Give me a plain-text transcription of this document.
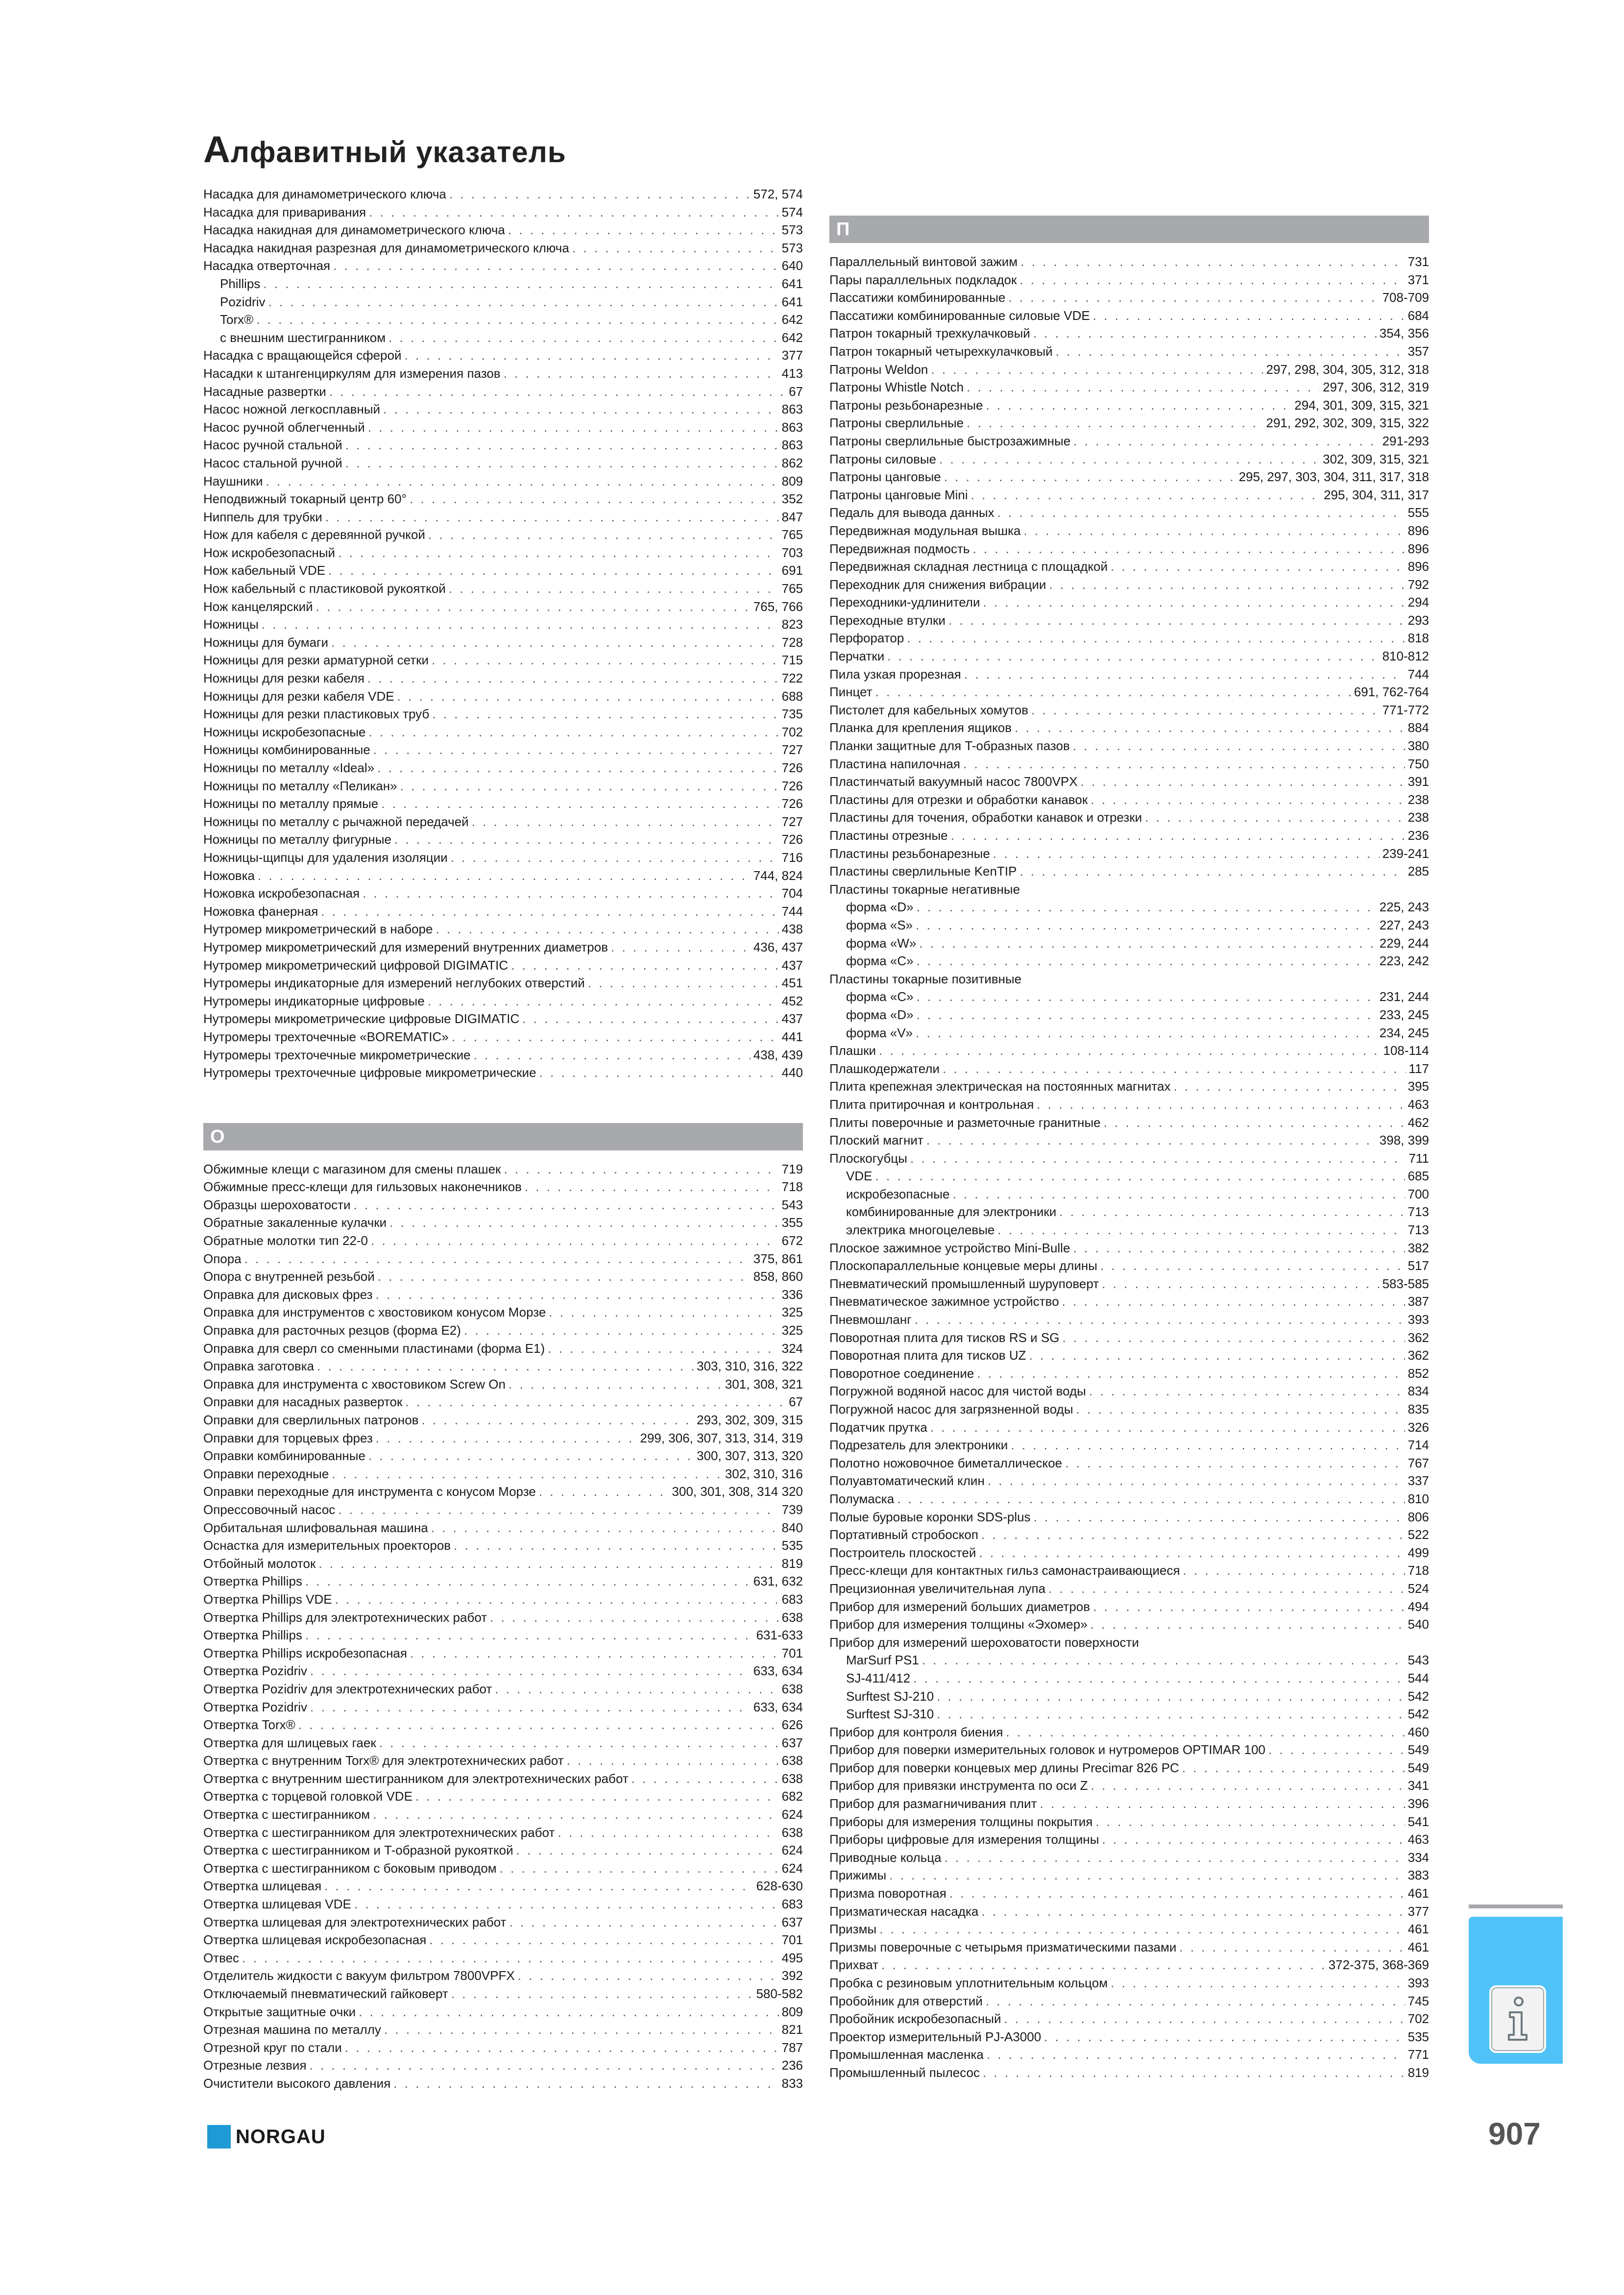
Алфавитный указатель
Насадка для динамометрического ключа . . .	572, 574
Насадка для приваривания . . .	574
Насадка накидная для динамометрического ключа . . .	573
Насадка накидная разрезная для динамометрического ключа . . .	573
Насадка отверточная . . .	640
Phillips . . .	641
Pozidriv . . .	641
Torx® . . .	642
с внешним шестигранником . . .	642
Насадка с вращающейся сферой . . .	377
Насадки к штангенциркулям для измерения пазов . . .	413
Насадные развертки . . .	67
Насос ножной легкосплавный . . .	863
Насос ручной облегченный . . .	863
Насос ручной стальной . . .	863
Насос стальной ручной . . .	862
Наушники . . .	809
Неподвижный токарный центр 60° . . .	352
Ниппель для трубки . . .	847
Нож для кабеля с деревянной ручкой . . .	765
Нож искробезопасный . . .	703
Нож кабельный VDE . . .	691
Нож кабельный с пластиковой рукояткой . . .	765
Нож канцелярский . . .	765, 766
Ножницы . . .	823
Ножницы для бумаги . . .	728
Ножницы для резки арматурной сетки . . .	715
Ножницы для резки кабеля . . .	722
Ножницы для резки кабеля VDE . . .	688
Ножницы для резки пластиковых труб . . .	735
Ножницы искробезопасные . . .	702
Ножницы комбинированные . . .	727
Ножницы по металлу «Ideal» . . .	726
Ножницы по металлу «Пеликан» . . .	726
Ножницы по металлу прямые . . .	726
Ножницы по металлу с рычажной передачей . . .	727
Ножницы по металлу фигурные . . .	726
Ножницы-щипцы для удаления изоляции . . .	716
Ножовка . . .	744, 824
Ножовка искробезопасная . . .	704
Ножовка фанерная . . .	744
Нутромер микрометрический в наборе . . .	438
Нутромер микрометрический для измерений внутренних диаметров . . .	436, 437
Нутромер микрометрический цифровой DIGIMATIC . . .	437
Нутромеры индикаторные для измерений неглубоких отверстий . . .	451
Нутромеры индикаторные цифровые . . .	452
Нутромеры микрометрические цифровые DIGIMATIC . . .	437
Нутромеры трехточечные «BOREMATIC» . . .	441
Нутромеры трехточечные микрометрические . . .	438, 439
Нутромеры трехточечные цифровые микрометрические . . .	440
О
Обжимные клещи с магазином для смены плашек . . .	719
Обжимные пресс-клещи для гильзовых наконечников . . .	718
Образцы шероховатости . . .	543
Обратные закаленные кулачки . . .	355
Обратные молотки тип 22-0 . . .	672
Опора . . .	375, 861
Опора с внутренней резьбой . . .	858, 860
Оправка для дисковых фрез . . .	336
Оправка для инструментов с хвостовиком конусом Морзе . . .	325
Оправка для расточных резцов (форма E2) . . .	325
Оправка для сверл со сменными пластинами (форма E1) . . .	324
Оправка заготовка . . .	303, 310, 316, 322
Оправка для инструмента с хвостовиком Screw On . . .	301, 308, 321
Оправки для насадных разверток . . .	67
Оправки для сверлильных патронов . . .	293, 302, 309, 315
Оправки для торцевых фрез . . .	299, 306, 307, 313, 314, 319
Оправки комбинированные . . .	300, 307, 313, 320
Оправки переходные . . .	302, 310, 316
Оправки переходные для инструмента с конусом Морзе . . .	300, 301, 308, 314 320
Опрессовочный насос . . .	739
Орбитальная шлифовальная машина . . .	840
Оснастка для измерительных проекторов . . .	535
Отбойный молоток . . .	819
Отвертка Phillips . . .	631, 632
Отвертка Phillips VDE . . .	683
Отвертка Phillips для электротехнических работ . . .	638
Отвертка Phillips . . .	631-633
Отвертка Phillips искробезопасная . . .	701
Отвертка Pozidriv . . .	633, 634
Отвертка Pozidriv для электротехнических работ . . .	638
Отвертка Pozidriv . . .	633, 634
Отвертка Torx® . . .	626
Отвертка для шлицевых гаек . . .	637
Отвертка с внутренним Torx® для электротехнических работ . . .	638
Отвертка с внутренним шестигранником для электротехнических работ . . .	638
Отвертка с торцевой головкой VDE . . .	682
Отвертка с шестигранником . . .	624
Отвертка с шестигранником для электротехнических работ . . .	638
Отвертка с шестигранником и T-образной рукояткой . . .	624
Отвертка с шестигранником с боковым приводом . . .	624
Отвертка шлицевая . . .	628-630
Отвертка шлицевая VDE . . .	683
Отвертка шлицевая для электротехнических работ . . .	637
Отвертка шлицевая искробезопасная . . .	701
Отвес . . .	495
Отделитель жидкости с вакуум фильтром 7800VPFX . . .	392
Отключаемый пневматический гайковерт . . .	580-582
Открытые защитные очки . . .	809
Отрезная машина по металлу . . .	821
Отрезной круг по стали . . .	787
Отрезные лезвия . . .	236
Очистители высокого давления . . .	833
П
Параллельный винтовой зажим . . .	731
Пары параллельных подкладок . . .	371
Пассатижи комбинированные . . .	708-709
Пассатижи комбинированные силовые VDE . . .	684
Патрон токарный трехкулачковый . . .	354, 356
Патрон токарный четырехкулачковый . . .	357
Патроны Weldon . . .	297, 298, 304, 305, 312, 318
Патроны Whistle Notch . . .	297, 306, 312, 319
Патроны резьбонарезные . . .	294, 301, 309, 315, 321
Патроны сверлильные . . .	291, 292, 302, 309, 315, 322
Патроны сверлильные быстрозажимные . . .	291-293
Патроны силовые . . .	302, 309, 315, 321
Патроны цанговые . . .	295, 297, 303, 304, 311, 317, 318
Патроны цанговые Mini . . .	295, 304, 311, 317
Педаль для вывода данных . . .	555
Передвижная модульная вышка . . .	896
Передвижная подмость . . .	896
Передвижная складная лестница с площадкой . . .	896
Переходник для снижения вибрации . . .	792
Переходники-удлинители . . .	294
Переходные втулки . . .	293
Перфоратор . . .	818
Перчатки . . .	810-812
Пила узкая прорезная . . .	744
Пинцет . . .	691, 762-764
Пистолет для кабельных хомутов . . .	771-772
Планка для крепления ящиков . . .	884
Планки защитные для T-образных пазов . . .	380
Пластина напилочная . . .	750
Пластинчатый вакуумный насос 7800VPX . . .	391
Пластины для отрезки и обработки канавок . . .	238
Пластины для точения, обработки канавок и отрезки . . .	238
Пластины отрезные . . .	236
Пластины резьбонарезные . . .	239-241
Пластины сверлильные KenTIP . . .	285
Пластины токарные негативные
форма «D» . . .	225, 243
форма «S» . . .	227, 243
форма «W» . . .	229, 244
форма «C» . . .	223, 242
Пластины токарные позитивные
форма «C» . . .	231, 244
форма «D» . . .	233, 245
форма «V» . . .	234, 245
Плашки . . .	108-114
Плашкодержатели . . .	117
Плита крепежная электрическая на постоянных магнитах . . .	395
Плита притирочная и контрольная . . .	463
Плиты поверочные и разметочные гранитные . . .	462
Плоский магнит . . .	398, 399
Плоскогубцы . . .	711
VDE . . .	685
искробезопасные . . .	700
комбинированные для электроники . . .	713
электрика многоцелевые . . .	713
Плоское зажимное устройство Mini-Bulle . . .	382
Плоскопараллельные концевые меры длины . . .	517
Пневматический промышленный шуруповерт . . .	583-585
Пневматическое зажимное устройство . . .	387
Пневмошланг . . .	393
Поворотная плита для тисков RS и SG . . .	362
Поворотная плита для тисков UZ . . .	362
Поворотное соединение . . .	852
Погружной водяной насос для чистой воды . . .	834
Погружной насос для загрязненной воды . . .	835
Податчик прутка . . .	326
Подрезатель для электроники . . .	714
Полотно ножовочное биметаллическое . . .	767
Полуавтоматический клин . . .	337
Полумаска . . .	810
Полые буровые коронки SDS-plus . . .	806
Портативный стробоскоп . . .	522
Построитель плоскостей . . .	499
Пресс-клещи для контактных гильз самонастраивающиеся . . .	718
Прецизионная увеличительная лупа . . .	524
Прибор для измерений больших диаметров . . .	494
Прибор для измерения толщины «Эхомер» . . .	540
Прибор для измерений шероховатости поверхности
MarSurf PS1 . . .	543
SJ-411/412 . . .	544
Surftest SJ-210 . . .	542
Surftest SJ-310 . . .	542
Прибор для контроля биения . . .	460
Прибор для поверки измерительных головок и нутромеров OPTIMAR 100 . . .	549
Прибор для поверки концевых мер длины Precimar 826 PC . . .	549
Прибор для привязки инструмента по оси Z . . .	341
Прибор для размагничивания плит . . .	396
Приборы для измерения толщины покрытия . . .	541
Приборы цифровые для измерения толщины . . .	463
Приводные кольца . . .	334
Прижимы . . .	383
Призма поворотная . . .	461
Призматическая насадка . . .	377
Призмы . . .	461
Призмы поверочные с четырьмя призматическими пазами . . .	461
Прихват . . .	372-375, 368-369
Пробка с резиновым уплотнительным кольцом . . .	393
Пробойник для отверстий . . .	745
Пробойник искробезопасный . . .	702
Проектор измерительный PJ-A3000 . . .	535
Промышленная масленка . . .	771
Промышленный пылесос . . .	819
NORGAU	907
